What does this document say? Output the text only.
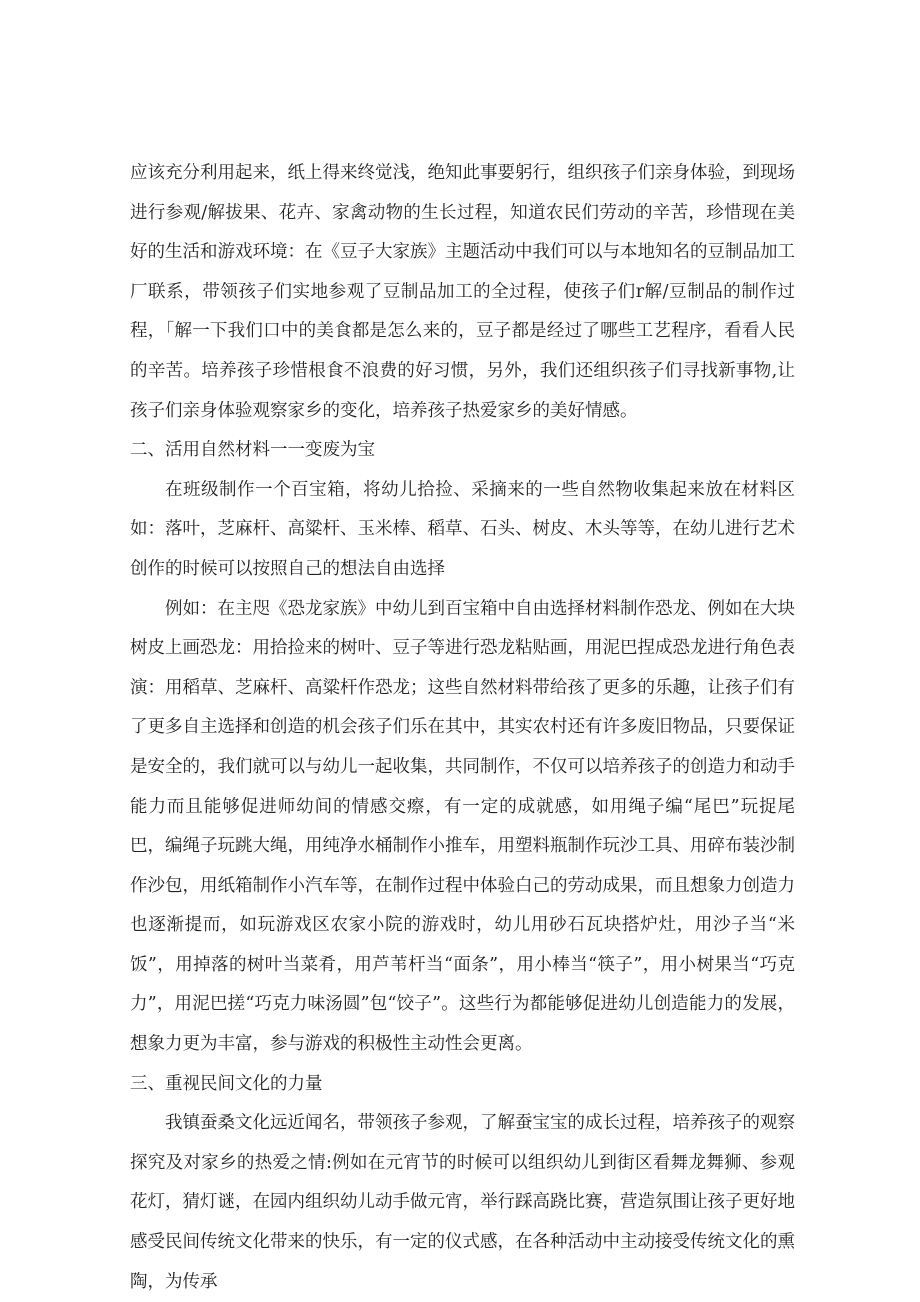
应该充分利用起来，纸上得来终觉浅，绝知此事要躬行，组织孩子们亲身体验，到现场进行参观/解拔果、花卉、家禽动物的生长过程，知道农民们劳动的辛苦，珍惜现在美好的生活和游戏环境：在《豆子大家族》主题活动中我们可以与本地知名的豆制品加工厂联系，带领孩子们实地参观了豆制品加工的全过程，使孩子们r解/豆制品的制作过程，「解一下我们口中的美食都是怎么来的，豆子都是经过了哪些工艺程序，看看人民的辛苦。培养孩子珍惜根食不浪费的好习惯，另外，我们还组织孩子们寻找新事物,让孩子们亲身体验观察家乡的变化，培养孩子热爱家乡的美好情感。

二、活用自然材料一一变废为宝

在班级制作一个百宝箱，将幼儿拾捡、采摘来的一些自然物收集起来放在材料区如：落叶，芝麻杆、高粱杆、玉米棒、稻草、石头、树皮、木头等等，在幼儿进行艺术创作的时候可以按照自己的想法自由选择

例如：在主咫《恐龙家族》中幼儿到百宝箱中自由选择材料制作恐龙、例如在大块树皮上画恐龙：用拾捡来的树叶、豆子等进行恐龙粘贴画，用泥巴捏成恐龙进行角色表演：用稻草、芝麻杆、高粱杆作恐龙；这些自然材料带给孩了更多的乐趣，让孩子们有了更多自主选择和创造的机会孩子们乐在其中，其实农村还有许多废旧物品，只要保证是安全的，我们就可以与幼儿一起收集，共同制作，不仅可以培养孩子的创造力和动手能力而且能够促进师幼间的情感交瘵，有一定的成就感，如用绳子编“尾巴”玩捉尾巴，编绳子玩跳大绳，用纯净水桶制作小推车，用塑料瓶制作玩沙工具、用碎布装沙制作沙包，用纸箱制作小汽车等，在制作过程中体验白己的劳动成果，而且想象力创造力也逐渐提而，如玩游戏区农家小院的游戏时，幼儿用砂石瓦块搭炉灶，用沙子当“米饭”，用掉落的树叶当菜肴，用芦苇杆当“面条”，用小棒当“筷子”，用小树果当“巧克力”，用泥巴搓“巧克力味汤圆”包“饺子”。这些行为都能够促进幼儿创造能力的发展，想象力更为丰富，参与游戏的积极性主动性会更离。

三、重视民间文化的力量

我镇蚕桑文化远近闻名，带领孩子参观，了解蚕宝宝的成长过程，培养孩子的观察探究及对家乡的热爱之情:例如在元宵节的时候可以组织幼儿到街区看舞龙舞狮、参观花灯，猜灯谜，在园内组织幼儿动手做元宵，举行踩高跷比赛，营造氛围让孩子更好地感受民间传统文化带来的快乐，有一定的仪式感，在各种活动中主动接受传统文化的熏陶，为传承
